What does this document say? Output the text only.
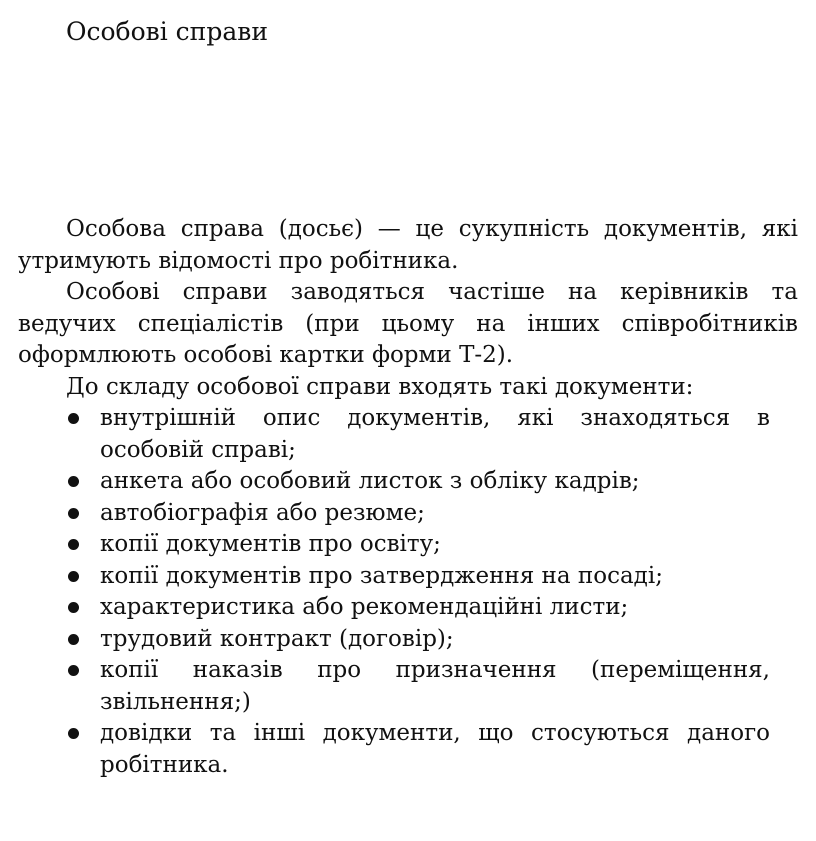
Особові справи

Особова справа (досьє) — це сукупність документів, які утримують відомості про робітника.

Особові справи заводяться частіше на керівників та ведучих спеціалістів (при цьому на інших співробітників оформлюють особові картки форми Т-2).

До складу особової справи входять такі документи:

внутрішній опис документів, які знаходяться в особовій справі;
анкета або особовий листок з обліку кадрів;
автобіографія або резюме;
копії документів про освіту;
копії документів про затвердження на посаді;
характеристика або рекомендаційні листи;
трудовий контракт (договір);
копії наказів про призначення (переміщення, звільнення;)
довідки та інші документи, що стосуються даного робітника.
